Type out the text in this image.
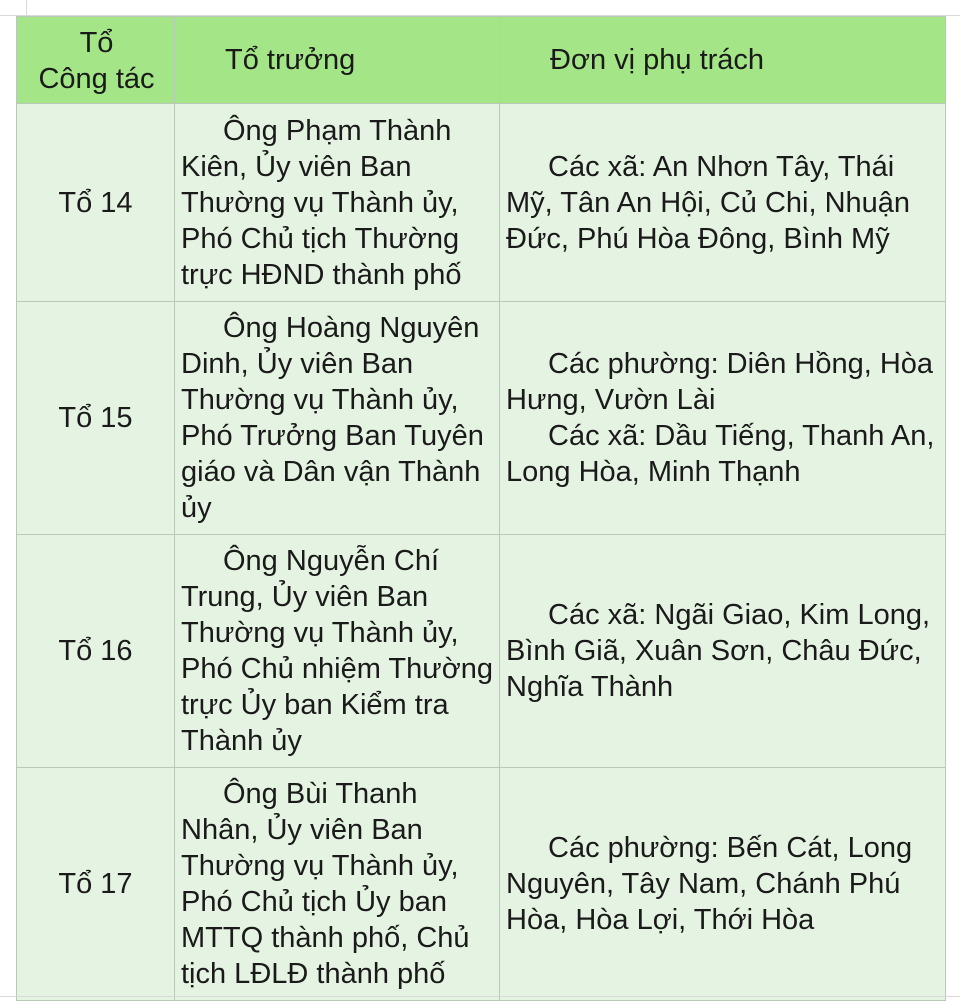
Tổ
Công tác	Tổ trưởng	Đơn vị phụ trách
Tổ 14	Ông Phạm Thành Kiên, Ủy viên Ban Thường vụ Thành ủy, Phó Chủ tịch Thường trực HĐND thành phố	Các xã: An Nhơn Tây, Thái Mỹ, Tân An Hội, Củ Chi, Nhuận Đức, Phú Hòa Đông, Bình Mỹ

Tổ 15	Ông Hoàng Nguyên Dinh, Ủy viên Ban Thường vụ Thành ủy, Phó Trưởng Ban Tuyên giáo và Dân vận Thành ủy	Các phường: Diên Hồng, Hòa Hưng, Vườn Lài
Các xã: Dầu Tiếng, Thanh An, Long Hòa, Minh Thạnh

Tổ 16	Ông Nguyễn Chí Trung, Ủy viên Ban Thường vụ Thành ủy, Phó Chủ nhiệm Thường trực Ủy ban Kiểm tra Thành ủy	Các xã: Ngãi Giao, Kim Long, Bình Giã, Xuân Sơn, Châu Đức, Nghĩa Thành

Tổ 17	Ông Bùi Thanh Nhân, Ủy viên Ban Thường vụ Thành ủy, Phó Chủ tịch Ủy ban MTTQ thành phố, Chủ tịch LĐLĐ thành phố	Các phường: Bến Cát, Long Nguyên, Tây Nam, Chánh Phú Hòa, Hòa Lợi, Thới Hòa
